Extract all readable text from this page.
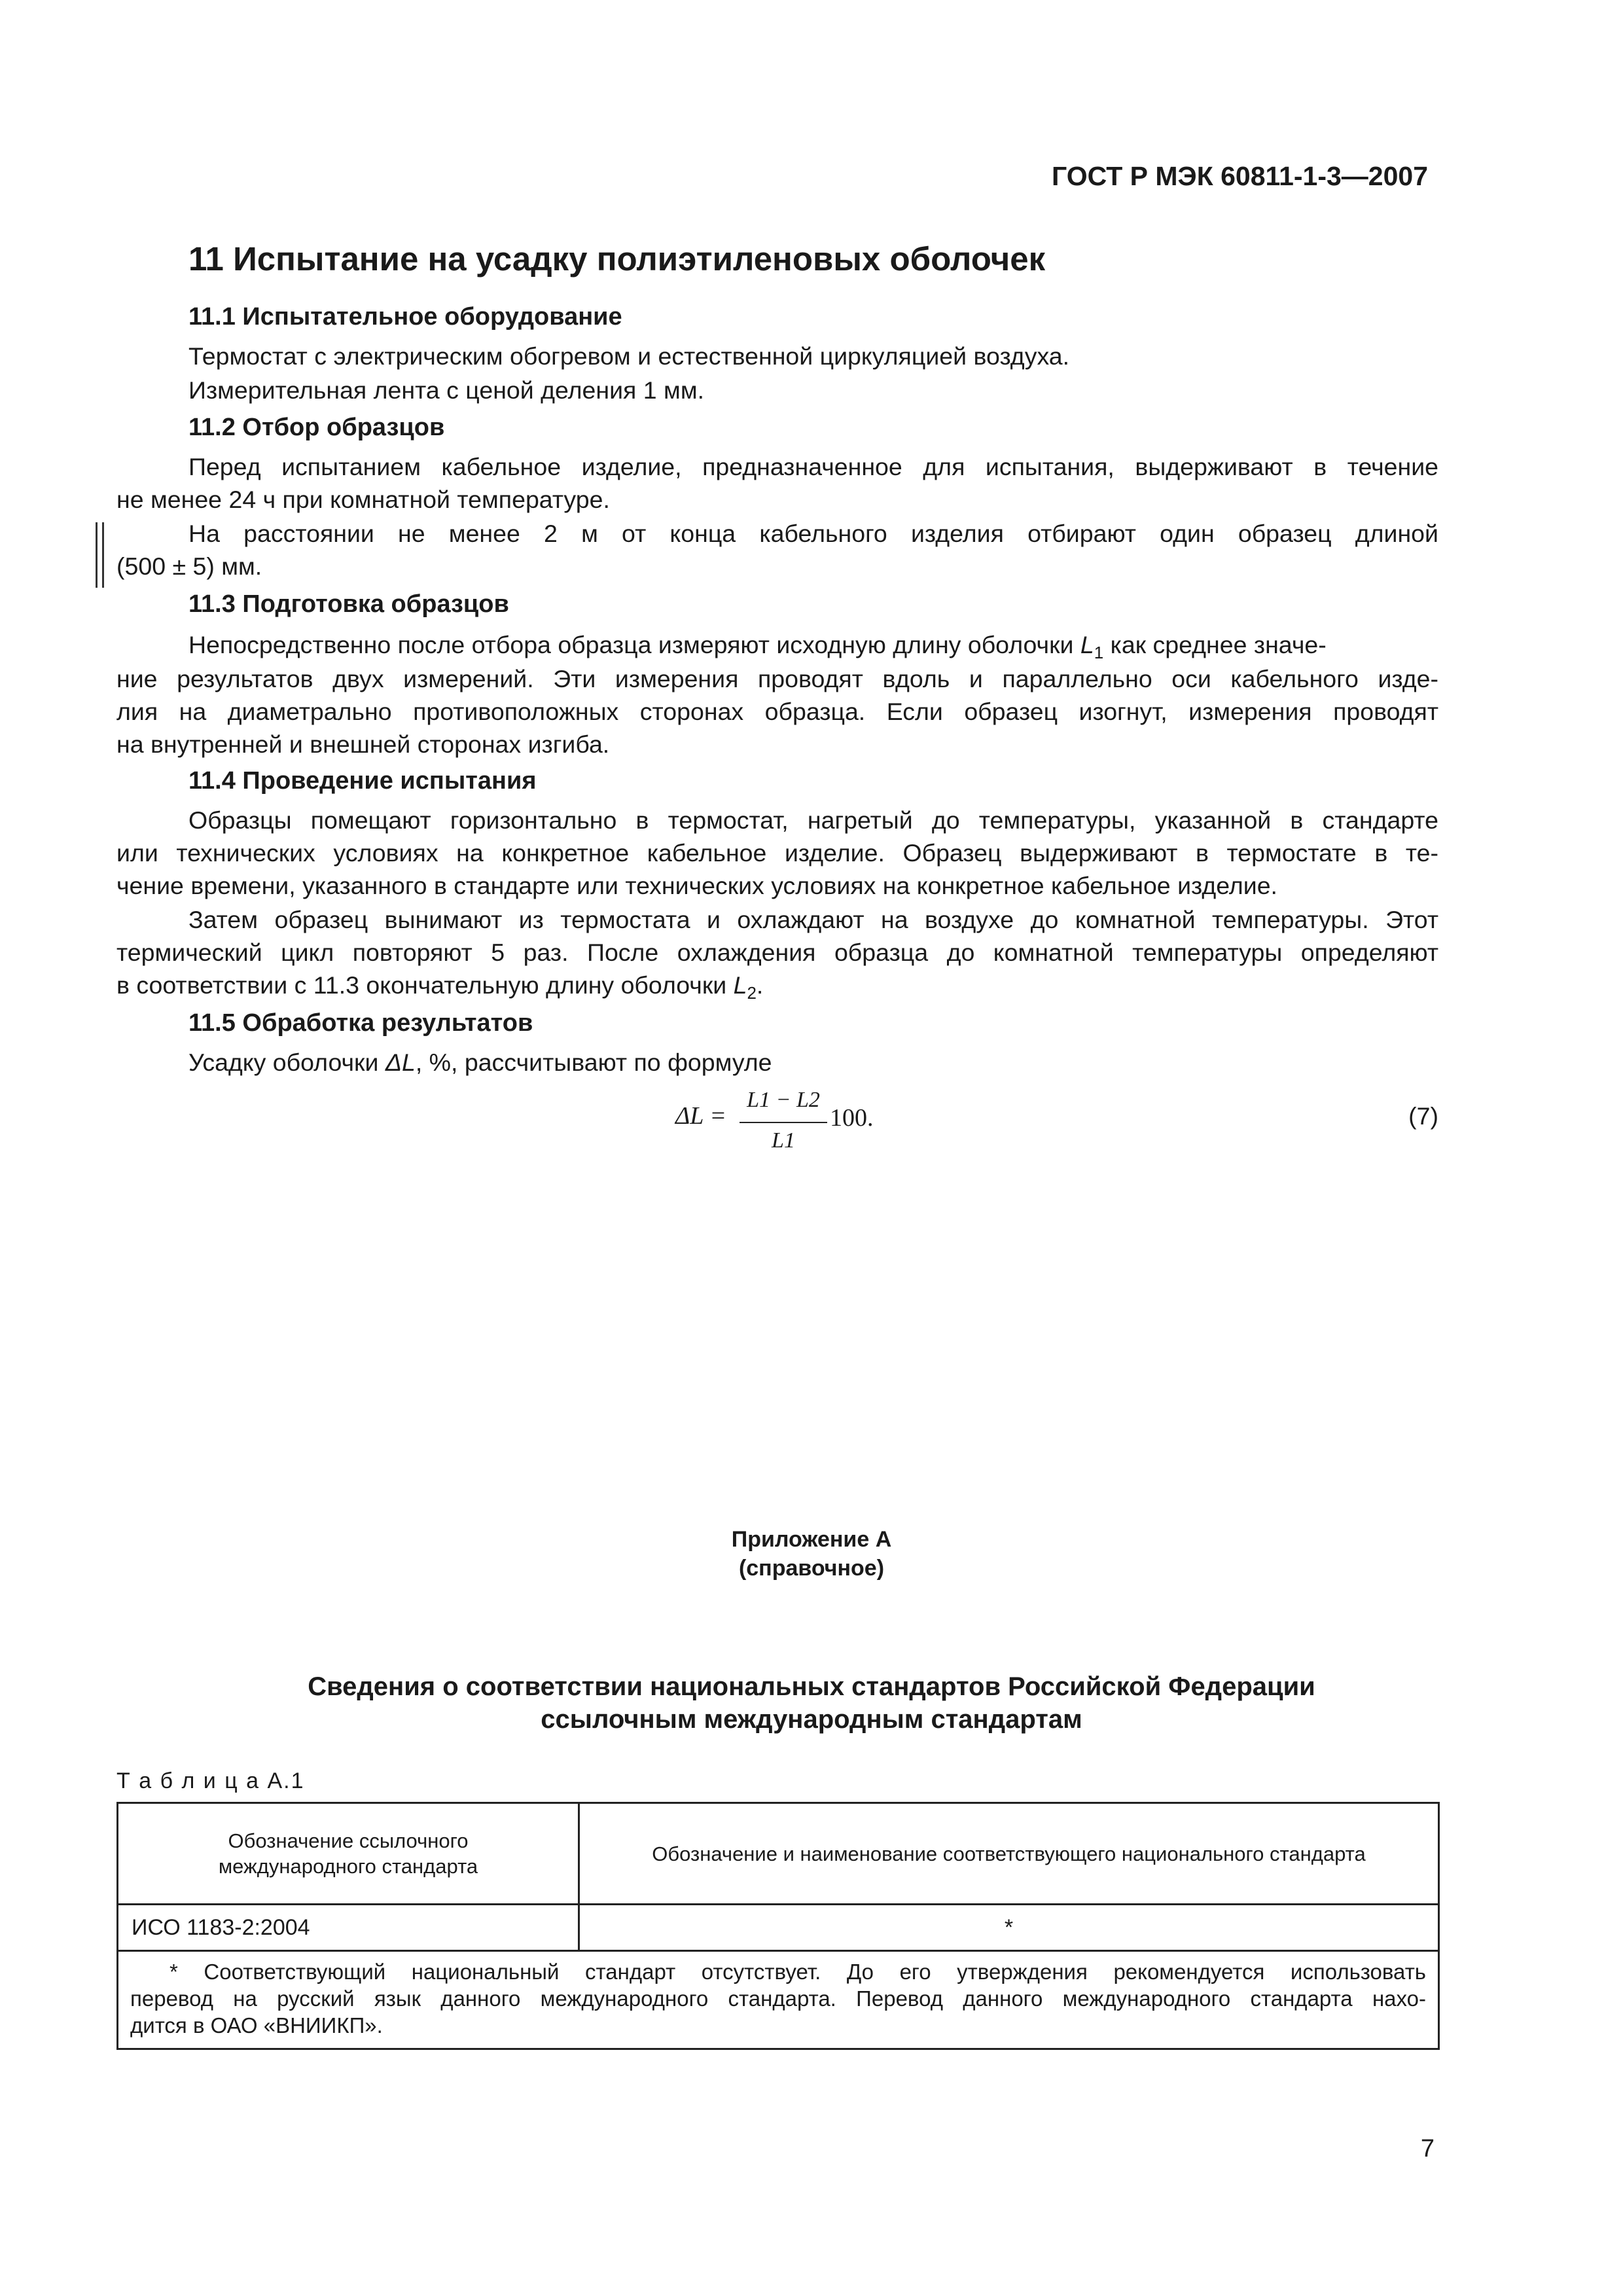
ГОСТ Р МЭК 60811-1-3—2007
11 Испытание на усадку полиэтиленовых оболочек
11.1 Испытательное оборудование
Термостат с электрическим обогревом и естественной циркуляцией воздуха.
Измерительная лента с ценой деления 1 мм.
11.2 Отбор образцов
Перед испытанием кабельное изделие, предназначенное для испытания, выдерживают в течение
не менее 24 ч при комнатной температуре.
На расстоянии не менее 2 м от конца кабельного изделия отбирают один образец длиной
(500 ± 5) мм.
11.3 Подготовка образцов
Непосредственно после отбора образца измеряют исходную длину оболочки $L_1$ как среднее значе-
ние результатов двух измерений. Эти измерения проводят вдоль и параллельно оси кабельного изде-
лия на диаметрально противоположных сторонах образца. Если образец изогнут, измерения проводят
на внутренней и внешней сторонах изгиба.
11.4 Проведение испытания
Образцы помещают горизонтально в термостат, нагретый до температуры, указанной в стандарте
или технических условиях на конкретное кабельное изделие. Образец выдерживают в термостате в те-
чение времени, указанного в стандарте или технических условиях на конкретное кабельное изделие.
Затем образец вынимают из термостата и охлаждают на воздухе до комнатной температуры. Этот
термический цикл повторяют 5 раз. После охлаждения образца до комнатной температуры определяют
в соответствии с 11.3 окончательную длину оболочки $L_2$.
11.5 Обработка результатов
Усадку оболочки ΔL, %, рассчитывают по формуле
ΔL =
L1 − L2
L1
100.	(7)
Приложение А
(справочное)
Сведения о соответствии национальных стандартов Российской Федерации
ссылочным международным стандартам
Т а б л и ц а А.1
Обозначение ссылочного
международного стандарта	Обозначение и наименование соответствующего национального стандарта
ИСО 1183-2:2004	*

* Соответствующий национальный стандарт отсутствует. До его утверждения рекомендуется использовать
перевод на русский язык данного международного стандарта. Перевод данного международного стандарта нахо-
дится в ОАО «ВНИИКП».	
7
